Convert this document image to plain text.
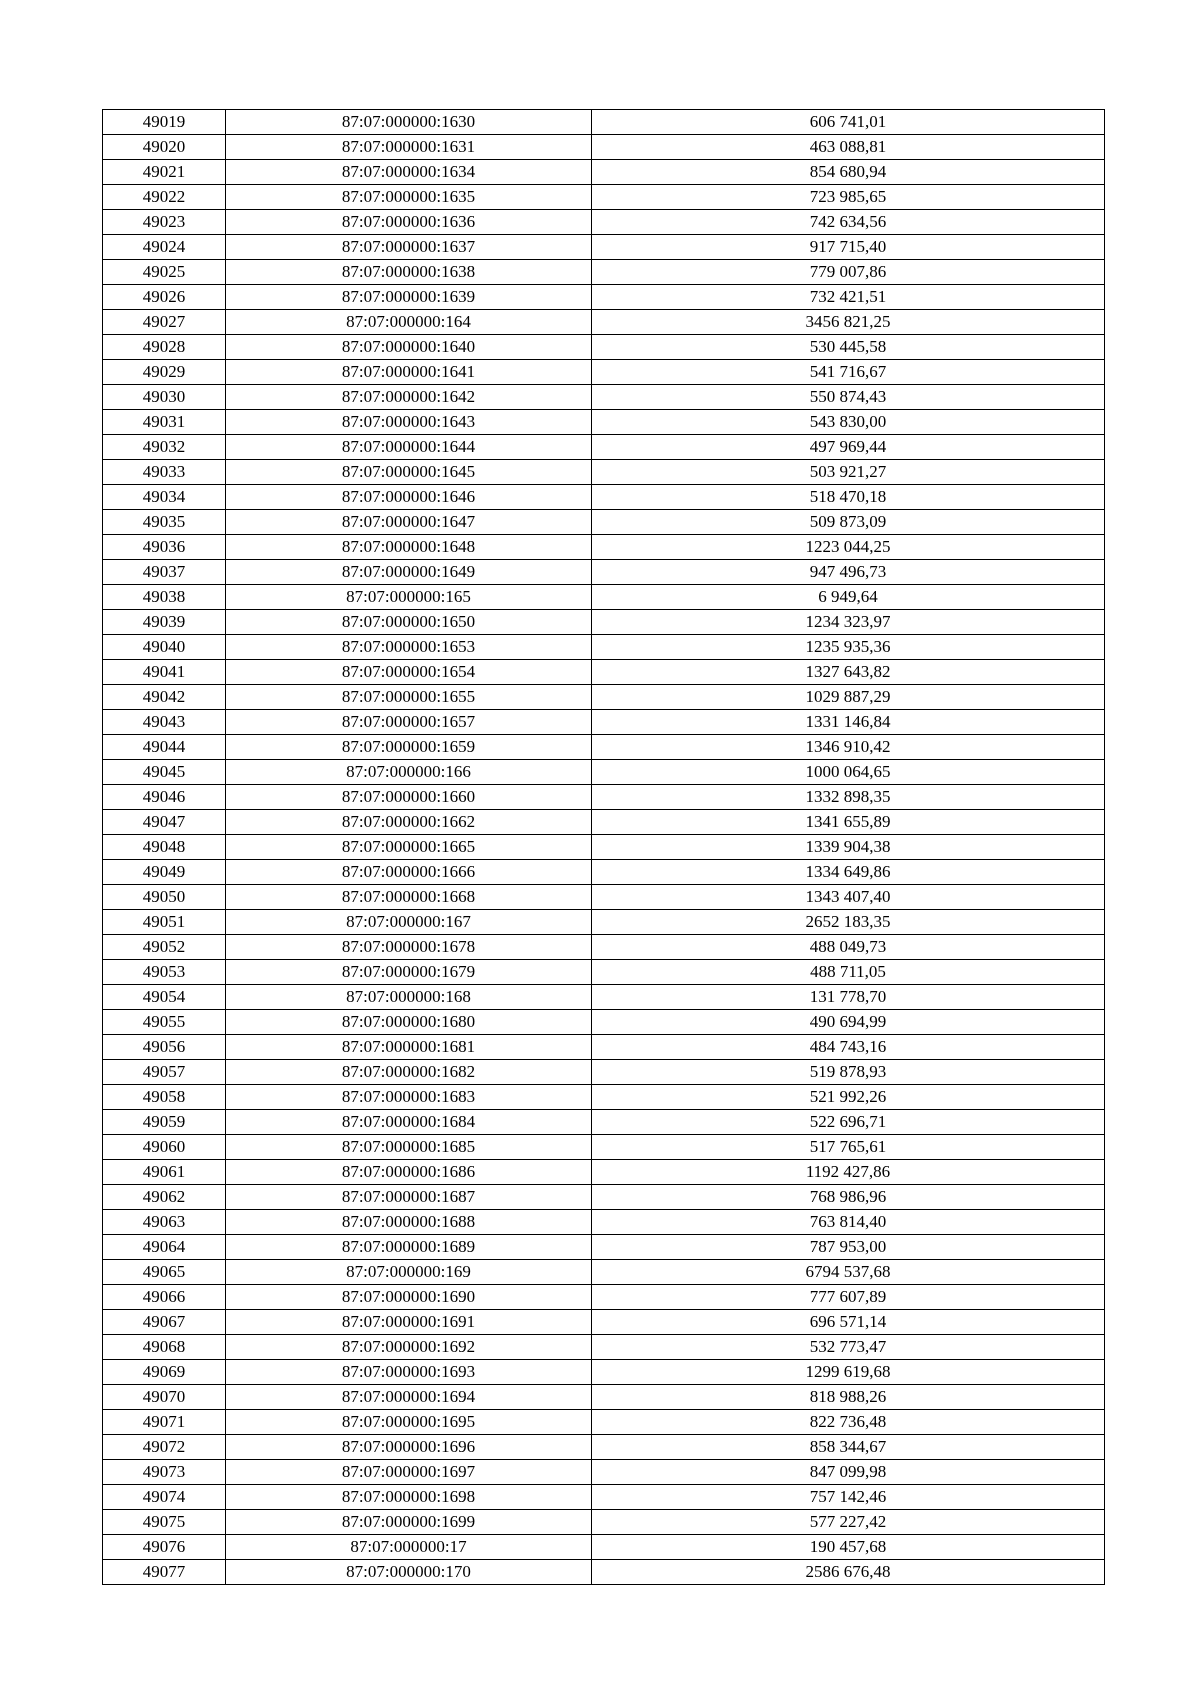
49019	87:07:000000:1630	606 741,01
49020	87:07:000000:1631	463 088,81
49021	87:07:000000:1634	854 680,94
49022	87:07:000000:1635	723 985,65
49023	87:07:000000:1636	742 634,56
49024	87:07:000000:1637	917 715,40
49025	87:07:000000:1638	779 007,86
49026	87:07:000000:1639	732 421,51
49027	87:07:000000:164	3456 821,25
49028	87:07:000000:1640	530 445,58
49029	87:07:000000:1641	541 716,67
49030	87:07:000000:1642	550 874,43
49031	87:07:000000:1643	543 830,00
49032	87:07:000000:1644	497 969,44
49033	87:07:000000:1645	503 921,27
49034	87:07:000000:1646	518 470,18
49035	87:07:000000:1647	509 873,09
49036	87:07:000000:1648	1223 044,25
49037	87:07:000000:1649	947 496,73
49038	87:07:000000:165	6 949,64
49039	87:07:000000:1650	1234 323,97
49040	87:07:000000:1653	1235 935,36
49041	87:07:000000:1654	1327 643,82
49042	87:07:000000:1655	1029 887,29
49043	87:07:000000:1657	1331 146,84
49044	87:07:000000:1659	1346 910,42
49045	87:07:000000:166	1000 064,65
49046	87:07:000000:1660	1332 898,35
49047	87:07:000000:1662	1341 655,89
49048	87:07:000000:1665	1339 904,38
49049	87:07:000000:1666	1334 649,86
49050	87:07:000000:1668	1343 407,40
49051	87:07:000000:167	2652 183,35
49052	87:07:000000:1678	488 049,73
49053	87:07:000000:1679	488 711,05
49054	87:07:000000:168	131 778,70
49055	87:07:000000:1680	490 694,99
49056	87:07:000000:1681	484 743,16
49057	87:07:000000:1682	519 878,93
49058	87:07:000000:1683	521 992,26
49059	87:07:000000:1684	522 696,71
49060	87:07:000000:1685	517 765,61
49061	87:07:000000:1686	1192 427,86
49062	87:07:000000:1687	768 986,96
49063	87:07:000000:1688	763 814,40
49064	87:07:000000:1689	787 953,00
49065	87:07:000000:169	6794 537,68
49066	87:07:000000:1690	777 607,89
49067	87:07:000000:1691	696 571,14
49068	87:07:000000:1692	532 773,47
49069	87:07:000000:1693	1299 619,68
49070	87:07:000000:1694	818 988,26
49071	87:07:000000:1695	822 736,48
49072	87:07:000000:1696	858 344,67
49073	87:07:000000:1697	847 099,98
49074	87:07:000000:1698	757 142,46
49075	87:07:000000:1699	577 227,42
49076	87:07:000000:17	190 457,68
49077	87:07:000000:170	2586 676,48
